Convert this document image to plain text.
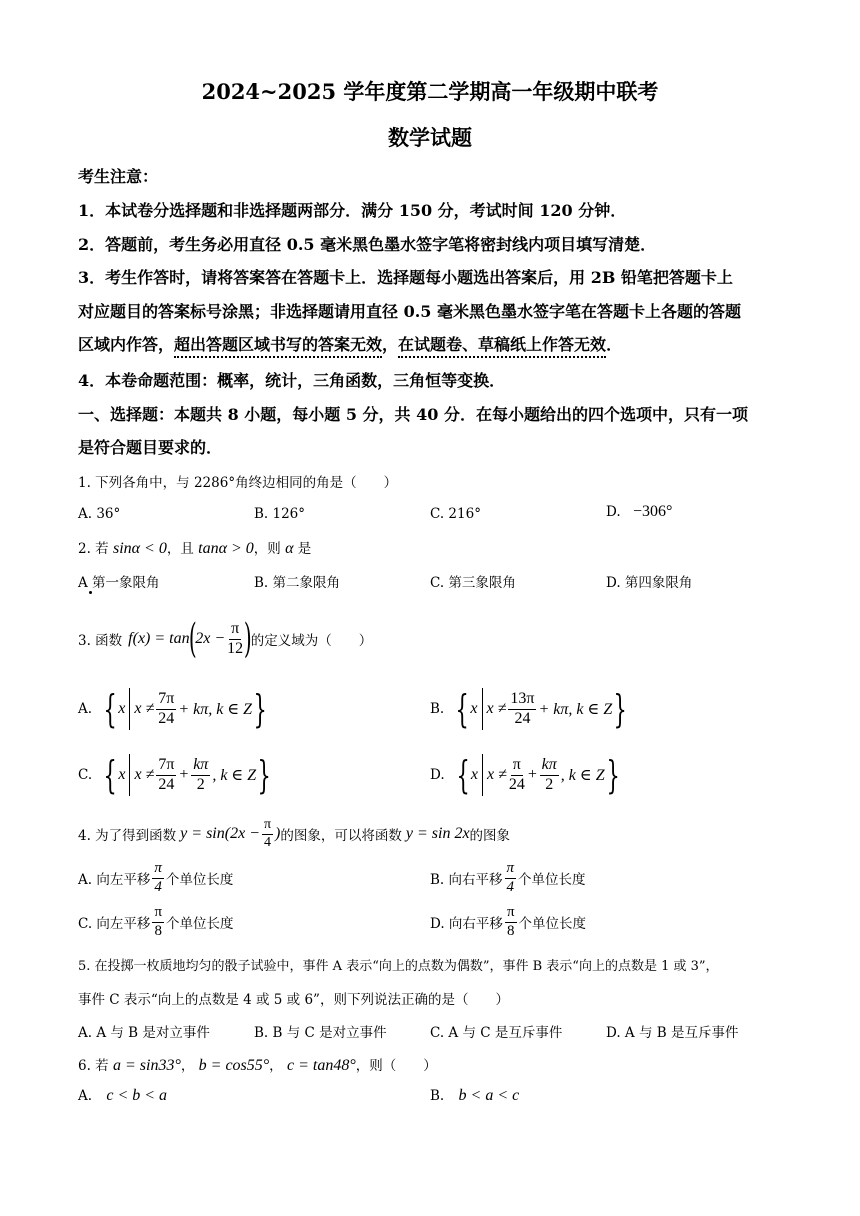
2024~2025 学年度第二学期高一年级期中联考
数学试题
考生注意：
1．本试卷分选择题和非选择题两部分．满分 150 分，考试时间 120 分钟．
2．答题前，考生务必用直径 0.5 毫米黑色墨水签字笔将密封线内项目填写清楚．
3．考生作答时，请将答案答在答题卡上．选择题每小题选出答案后，用 2B 铅笔把答题卡上
对应题目的答案标号涂黑；非选择题请用直径 0.5 毫米黑色墨水签字笔在答题卡上各题的答题
区域内作答，超出答题区域书写的答案无效，在试题卷、草稿纸上作答无效．
4．本卷命题范围：概率，统计，三角函数，三角恒等变换．
一、选择题：本题共 8 小题，每小题 5 分，共 40 分．在每小题给出的四个选项中，只有一项
是符合题目要求的．
1. 下列各角中，与 2286°角终边相同的角是（　　）
A. 36°	B. 126°	C. 216°	D. −306°
2. 若 sinα < 0，且 tanα > 0，则 α 是
A 第一象限角	B. 第二象限角	C. 第三象限角	D. 第四象限角
3. 函数 f(x) = tan
(
$2x - \frac{\pi}{12}$ )
的定义域为（　　）
A. { x $x \ne \frac{7\pi}{24} + k\pi$, k ∈ Z }	B. { x $x \ne \frac{13\pi}{24} + k\pi$, k ∈ Z }
C. { x $x \ne \frac{7\pi}{24} + \frac{k\pi}{2}$ , k ∈ Z }	D. { x $x \ne \frac{\pi}{24} + \frac{k\pi}{2}$ , k ∈ Z }
4. 为了得到函数 $y = \sin(2x - \frac{\pi}{4}$ ) 的图象，可以将函数 y = sin 2x 的图象
A. 向左平移 $\frac{\pi}{4}$ 个单位长度	B. 向右平移 $\frac{\pi}{4}$ 个单位长度
C. 向左平移 $\frac{\pi}{8}$ 个单位长度	D. 向右平移 $\frac{\pi}{8}$ 个单位长度
5. 在投掷一枚质地均匀的骰子试验中，事件 A 表示“向上的点数为偶数”，事件 B 表示“向上的点数是 1 或 3”，
事件 C 表示“向上的点数是 4 或 5 或 6”，则下列说法正确的是（　　）
A. A 与 B 是对立事件	B. B 与 C 是对立事件	C. A 与 C 是互斥事件	D. A 与 B 是互斥事件
6. 若 a = sin33°， b = cos55°， c = tan48°，则（　　）
A. c < b < a	B. b < a < c
